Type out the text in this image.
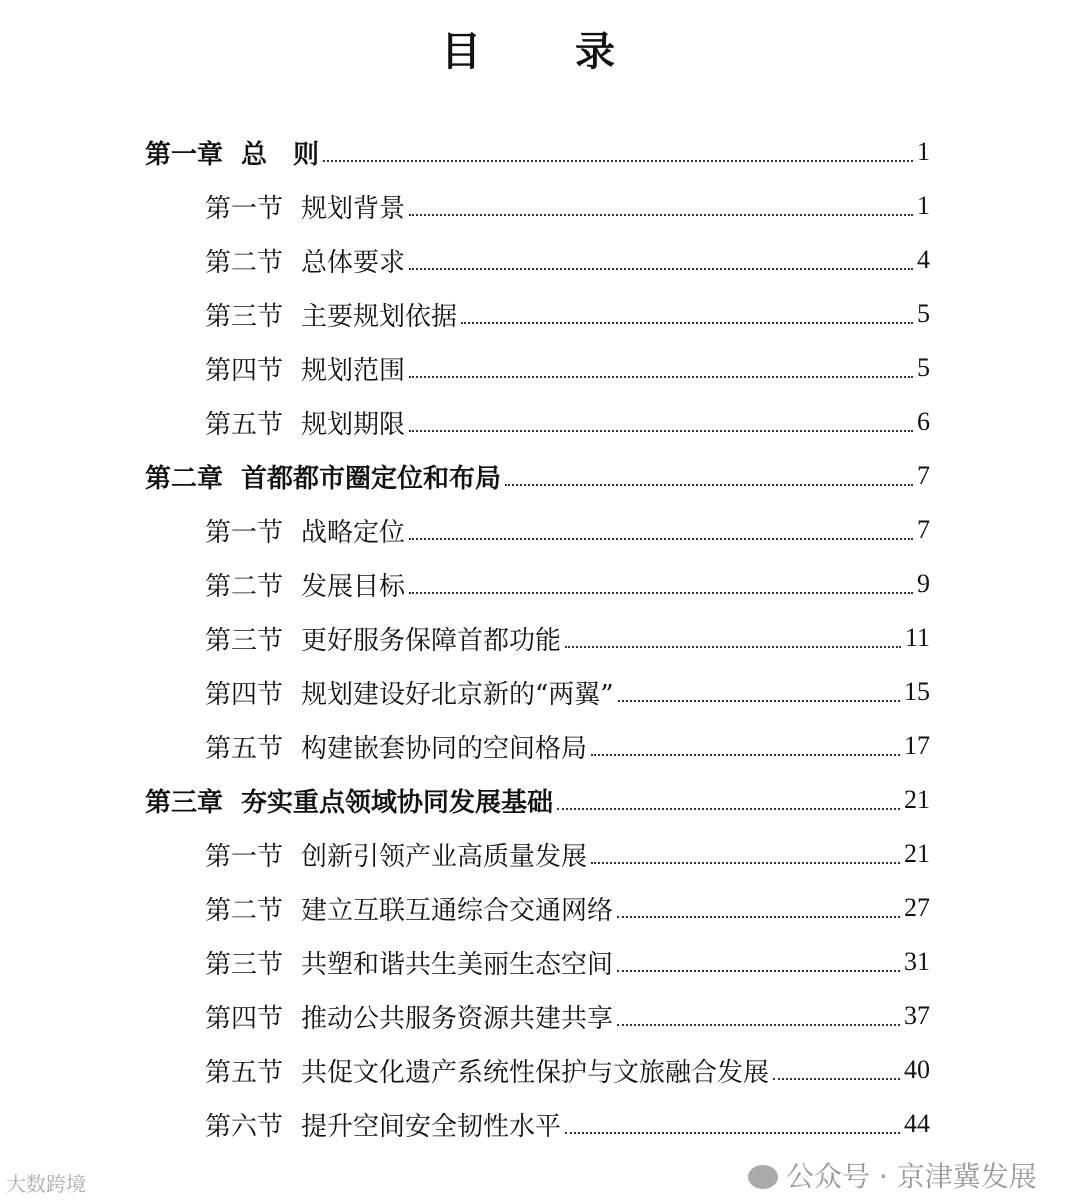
目 录
第一章 总　则	1
第一节 规划背景	1
第二节 总体要求	4
第三节 主要规划依据	5
第四节 规划范围	5
第五节 规划期限	6
第二章 首都都市圈定位和布局	7
第一节 战略定位	7
第二节 发展目标	9
第三节 更好服务保障首都功能	11
第四节 规划建设好北京新的“两翼”	15
第五节 构建嵌套协同的空间格局	17
第三章 夯实重点领域协同发展基础	21
第一节 创新引领产业高质量发展	21
第二节 建立互联互通综合交通网络	27
第三节 共塑和谐共生美丽生态空间	31
第四节 推动公共服务资源共建共享	37
第五节 共促文化遗产系统性保护与文旅融合发展	40
第六节 提升空间安全韧性水平	44
公众号 · 京津冀发展
大数跨境
